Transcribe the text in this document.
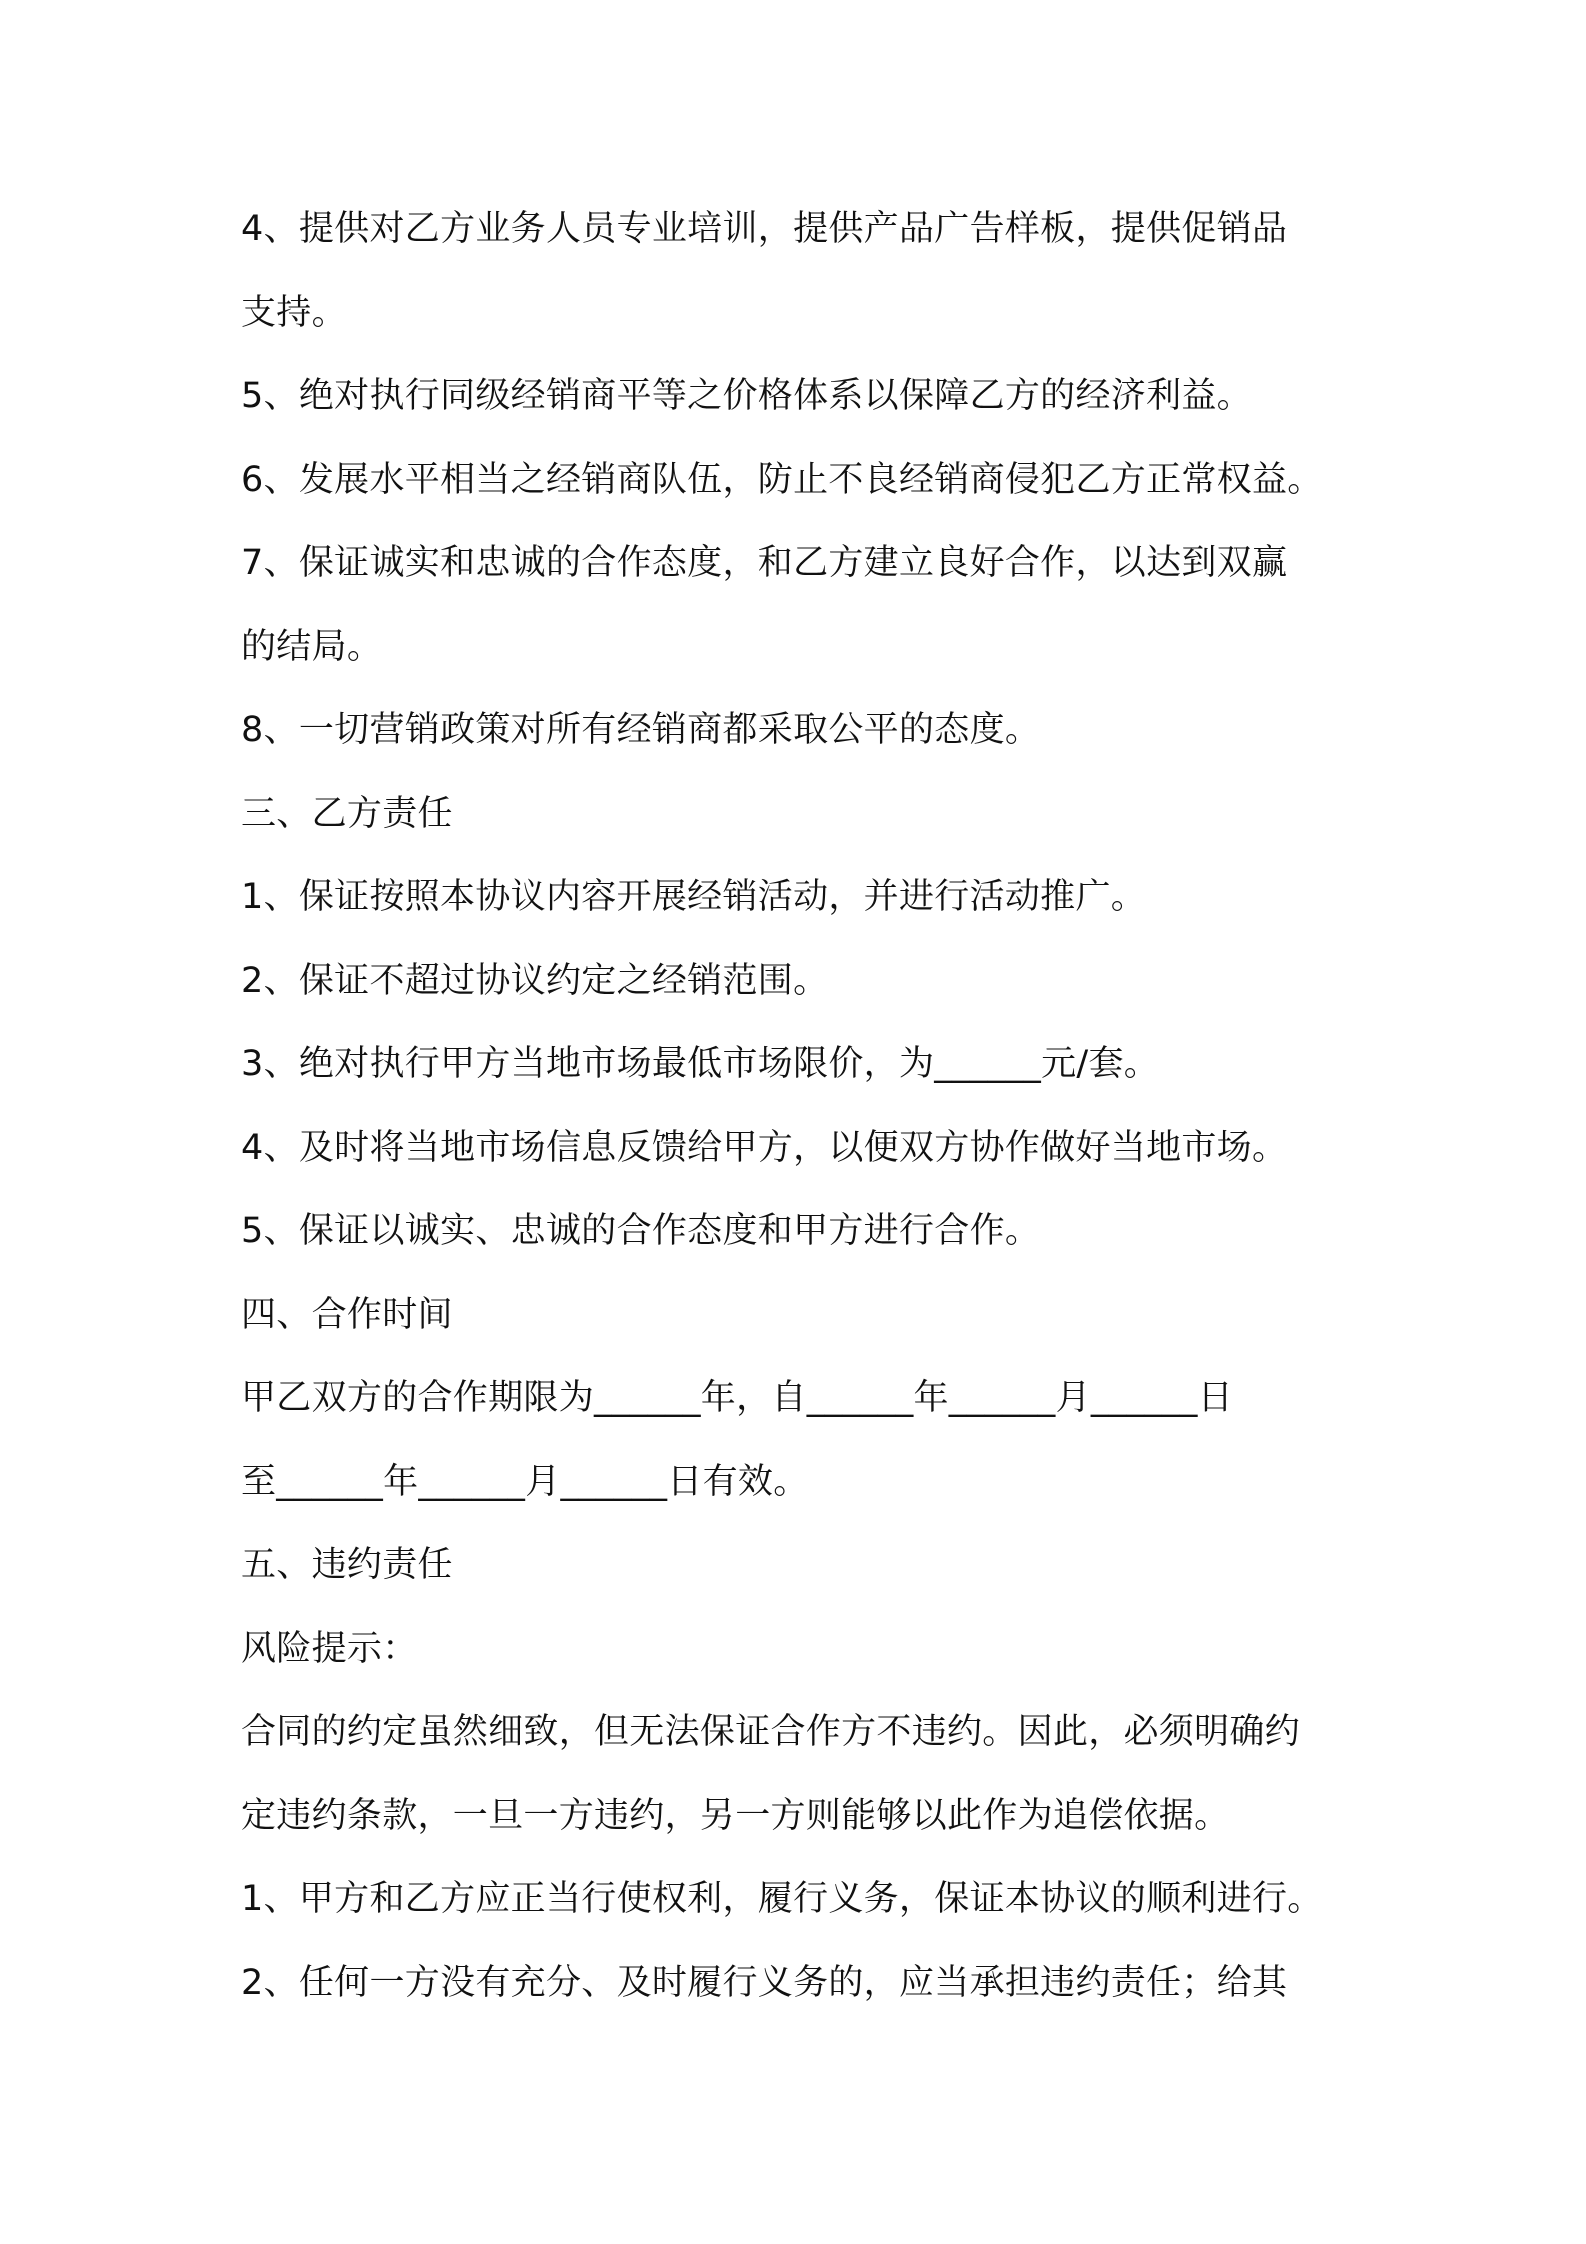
4、提供对乙方业务人员专业培训，提供产品广告样板，提供促销品
支持。
5、绝对执行同级经销商平等之价格体系以保障乙方的经济利益。
6、发展水平相当之经销商队伍，防止不良经销商侵犯乙方正常权益。
7、保证诚实和忠诚的合作态度，和乙方建立良好合作，以达到双赢
的结局。
8、一切营销政策对所有经销商都采取公平的态度。
三、乙方责任
1、保证按照本协议内容开展经销活动，并进行活动推广。
2、保证不超过协议约定之经销范围。
3、绝对执行甲方当地市场最低市场限价，为______元/套。
4、及时将当地市场信息反馈给甲方，以便双方协作做好当地市场。
5、保证以诚实、忠诚的合作态度和甲方进行合作。
四、合作时间
甲乙双方的合作期限为______年，自______年______月______日
至______年______月______日有效。
五、违约责任
风险提示：
合同的约定虽然细致，但无法保证合作方不违约。因此，必须明确约
定违约条款，一旦一方违约，另一方则能够以此作为追偿依据。
1、甲方和乙方应正当行使权利，履行义务，保证本协议的顺利进行。
2、任何一方没有充分、及时履行义务的，应当承担违约责任；给其
